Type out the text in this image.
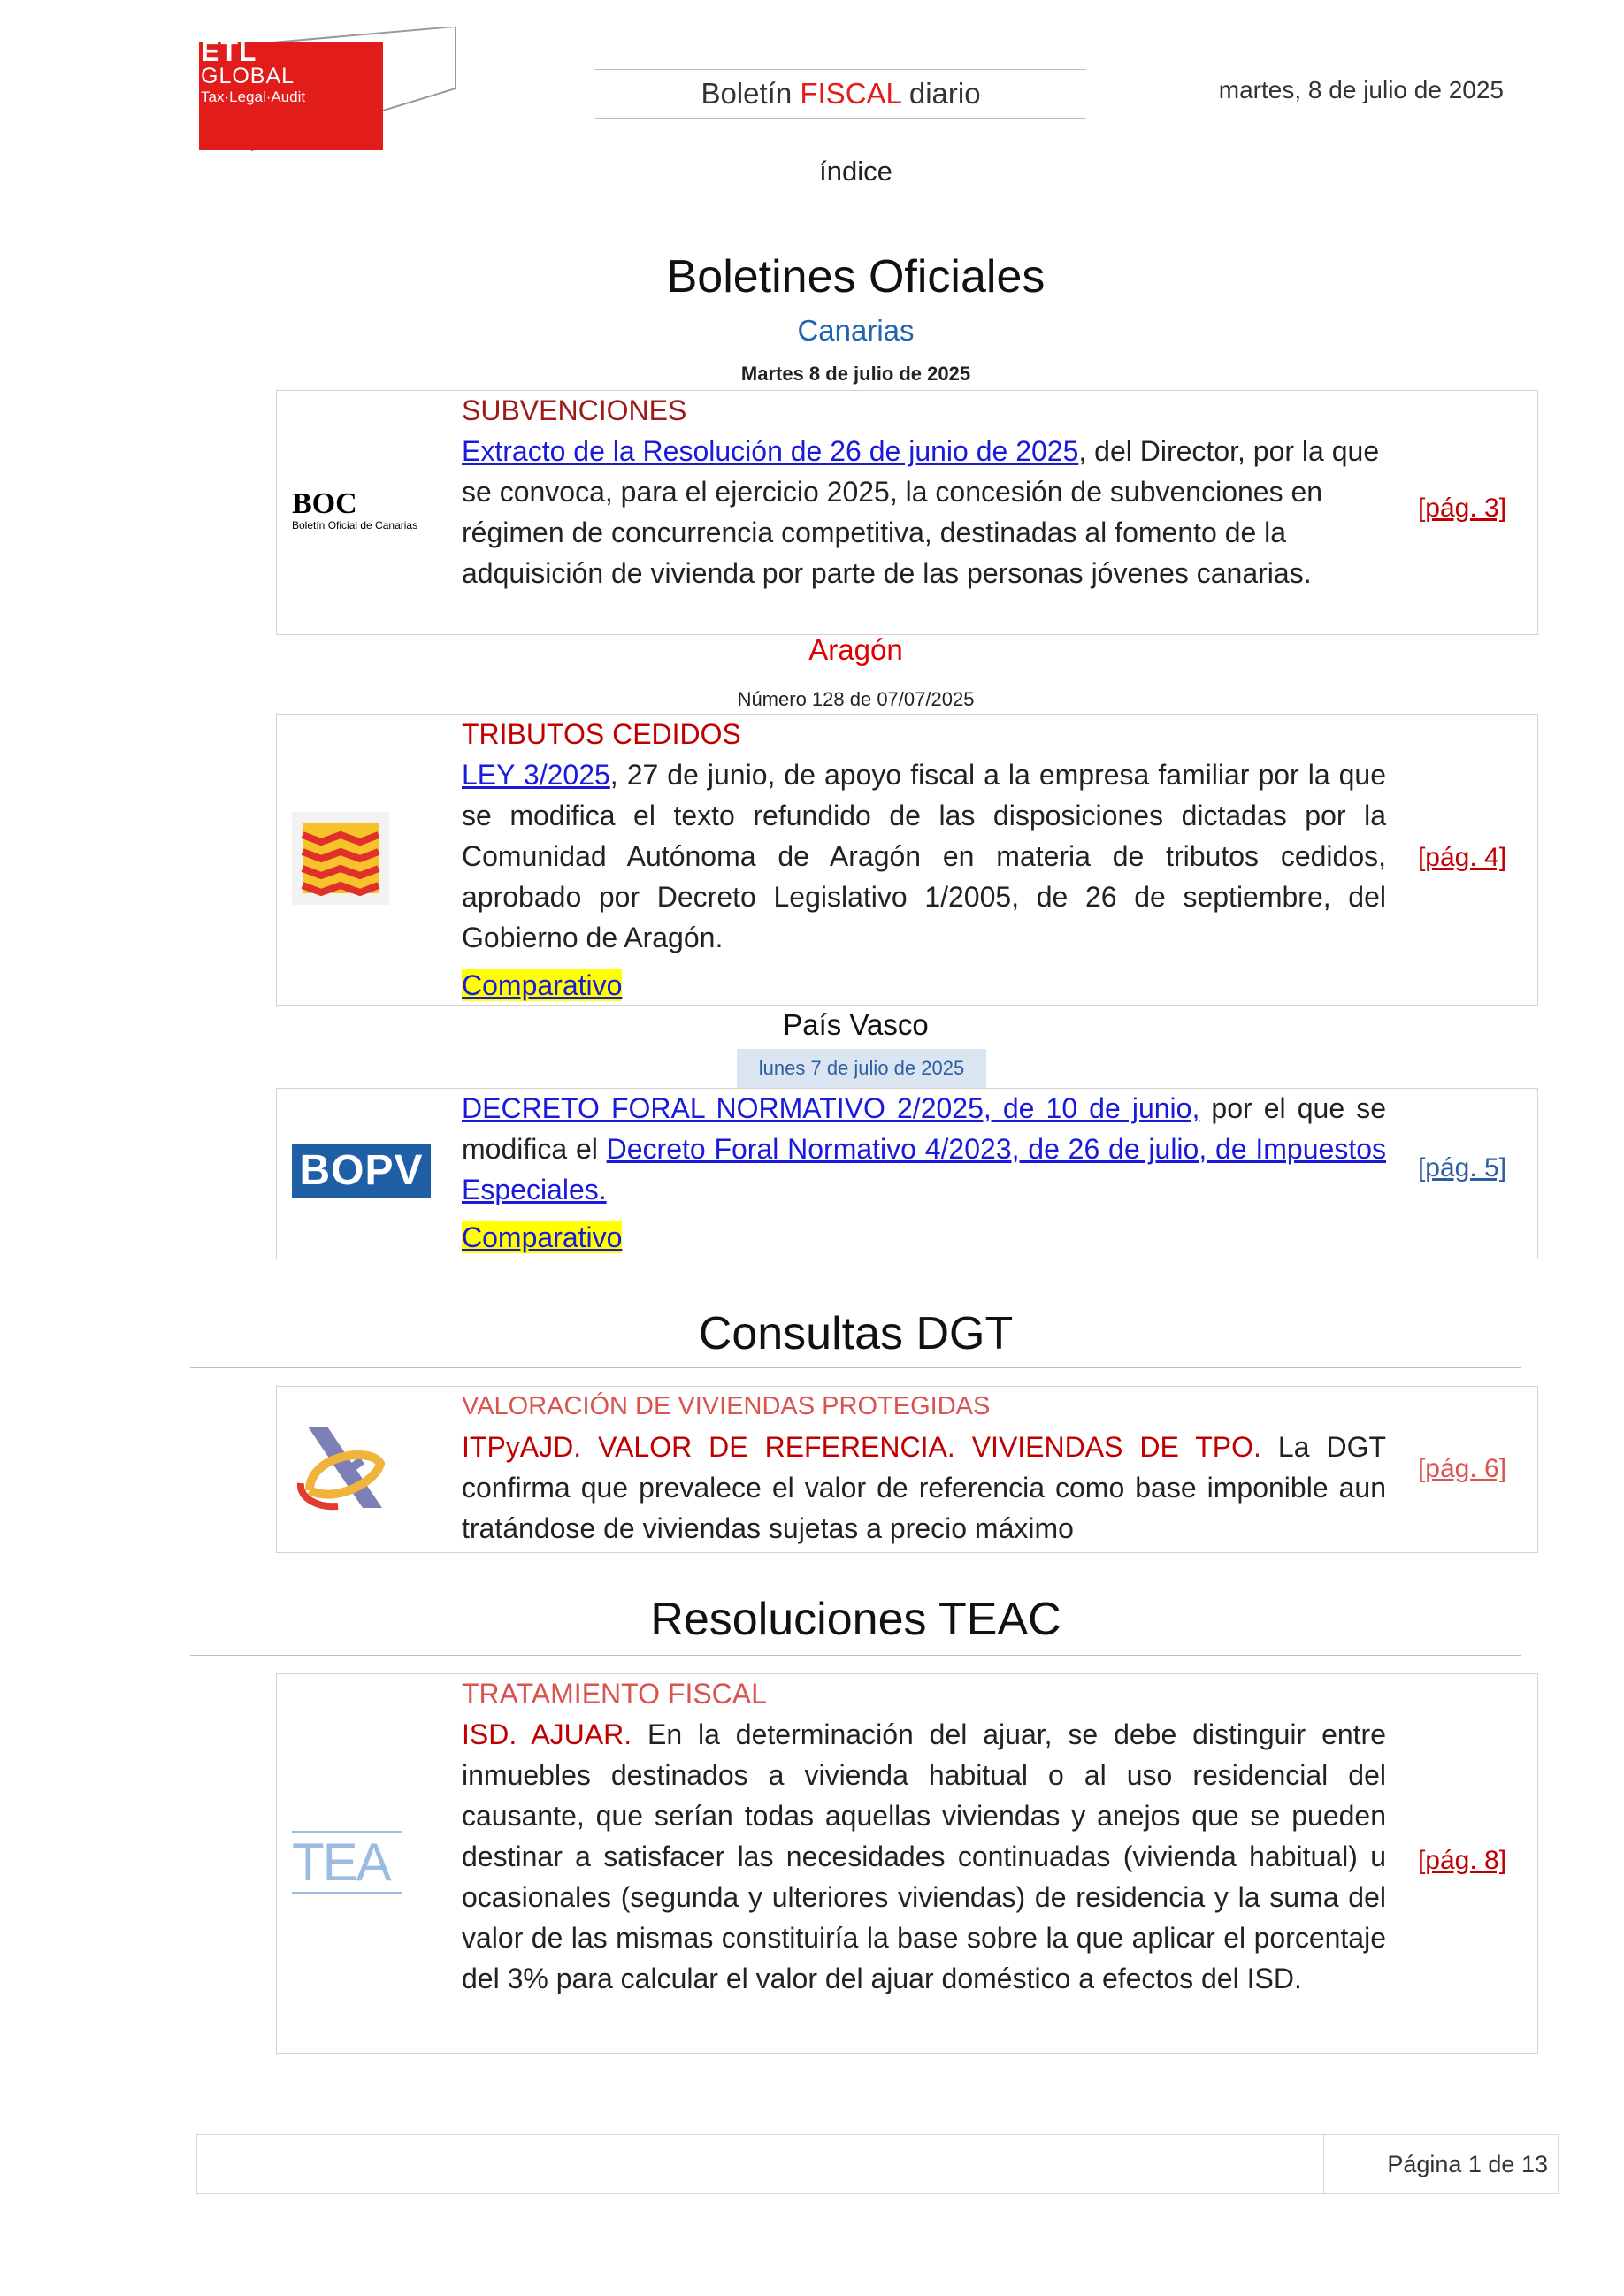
ETL
GLOBAL
Tax·Legal·Audit	Boletín FISCAL diario	martes, 8 de julio de 2025
índice
Boletines Oficiales
Canarias
Martes 8 de julio de 2025
BOC
Boletín Oficial de Canarias
SUBVENCIONES
Extracto de la Resolución de 26 de junio de 2025, del Director, por la que se convoca, para el ejercicio 2025, la concesión de subvenciones en régimen de concurrencia competitiva, destinadas al fomento de la adquisición de vivienda por parte de las personas jóvenes canarias.
[pág. 3]
Aragón
Número 128 de 07/07/2025
TRIBUTOS CEDIDOS
LEY 3/2025, 27 de junio, de apoyo fiscal a la empresa familiar por la que se modifica el texto refundido de las disposiciones dictadas por la Comunidad Autónoma de Aragón en materia de tributos cedidos, aprobado por Decreto Legislativo 1/2005, de 26 de septiembre, del Gobierno de Aragón.
Comparativo
[pág. 4]
País Vasco
lunes 7 de julio de 2025
BOPV
DECRETO FORAL NORMATIVO 2/2025, de 10 de junio, por el que se modifica el Decreto Foral Normativo 4/2023, de 26 de julio, de Impuestos Especiales.
Comparativo
[pág. 5]
Consultas DGT
VALORACIÓN DE VIVIENDAS PROTEGIDAS
ITPyAJD. VALOR DE REFERENCIA. VIVIENDAS DE TPO. La DGT confirma que prevalece el valor de referencia como base imponible aun tratándose de viviendas sujetas a precio máximo
[pág. 6]
Resoluciones TEAC
TEA
TRATAMIENTO FISCAL
ISD. AJUAR. En la determinación del ajuar, se debe distinguir entre inmuebles destinados a vivienda habitual o al uso residencial del causante, que serían todas aquellas viviendas y anejos que se pueden destinar a satisfacer las necesidades continuadas (vivienda habitual) u ocasionales (segunda y ulteriores viviendas) de residencia y la suma del valor de las mismas constituiría la base sobre la que aplicar el porcentaje del 3% para calcular el valor del ajuar doméstico a efectos del ISD.
[pág. 8]
Página 1 de 13
